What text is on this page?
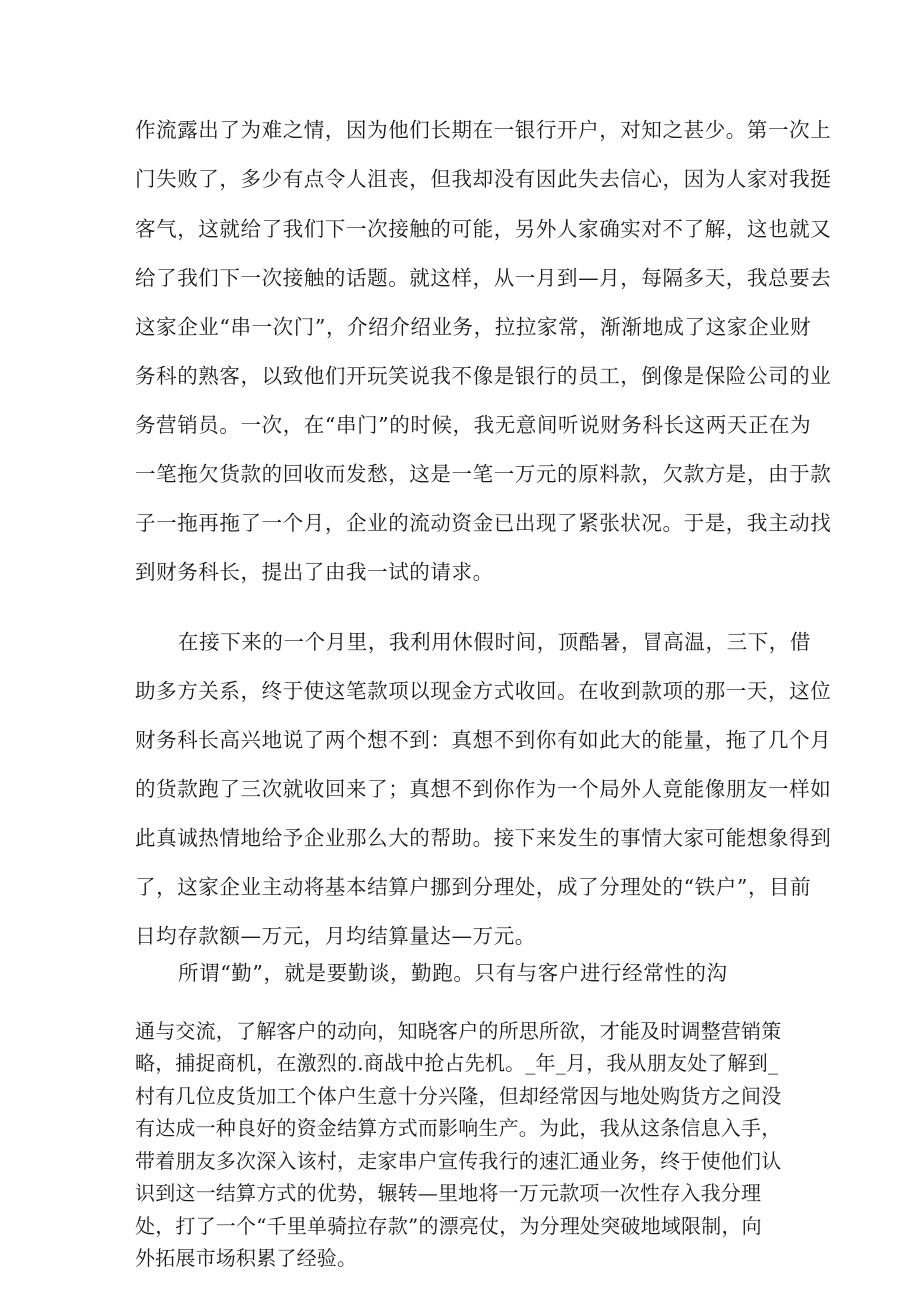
作流露出了为难之情，因为他们长期在一银行开户，对知之甚少。第一次上
门失败了，多少有点令人沮丧，但我却没有因此失去信心，因为人家对我挺
客气，这就给了我们下一次接触的可能，另外人家确实对不了解，这也就又
给了我们下一次接触的话题。就这样，从一月到—月，每隔多天，我总要去
这家企业“串一次门”，介绍介绍业务，拉拉家常，渐渐地成了这家企业财
务科的熟客，以致他们开玩笑说我不像是银行的员工，倒像是保险公司的业
务营销员。一次，在“串门”的时候，我无意间听说财务科长这两天正在为
一笔拖欠货款的回收而发愁，这是一笔一万元的原料款，欠款方是，由于款
子一拖再拖了一个月，企业的流动资金已出现了紧张状况。于是，我主动找
到财务科长，提出了由我一试的请求。
在接下来的一个月里，我利用休假时间，顶酷暑，冒高温，三下，借
助多方关系，终于使这笔款项以现金方式收回。在收到款项的那一天，这位
财务科长高兴地说了两个想不到：真想不到你有如此大的能量，拖了几个月
的货款跑了三次就收回来了；真想不到你作为一个局外人竟能像朋友一样如
此真诚热情地给予企业那么大的帮助。接下来发生的事情大家可能想象得到
了，这家企业主动将基本结算户挪到分理处，成了分理处的“铁户”，目前
日均存款额—万元，月均结算量达—万元。
所谓“勤”，就是要勤谈，勤跑。只有与客户进行经常性的沟
通与交流，了解客户的动向，知晓客户的所思所欲，才能及时调整营销策
略，捕捉商机，在激烈的.商战中抢占先机。_年_月，我从朋友处了解到_
村有几位皮货加工个体户生意十分兴隆，但却经常因与地处购货方之间没
有达成一种良好的资金结算方式而影响生产。为此，我从这条信息入手，
带着朋友多次深入该村，走家串户宣传我行的速汇通业务，终于使他们认
识到这一结算方式的优势，辗转—里地将一万元款项一次性存入我分理
处，打了一个“千里单骑拉存款”的漂亮仗，为分理处突破地域限制，向
外拓展市场积累了经验。
